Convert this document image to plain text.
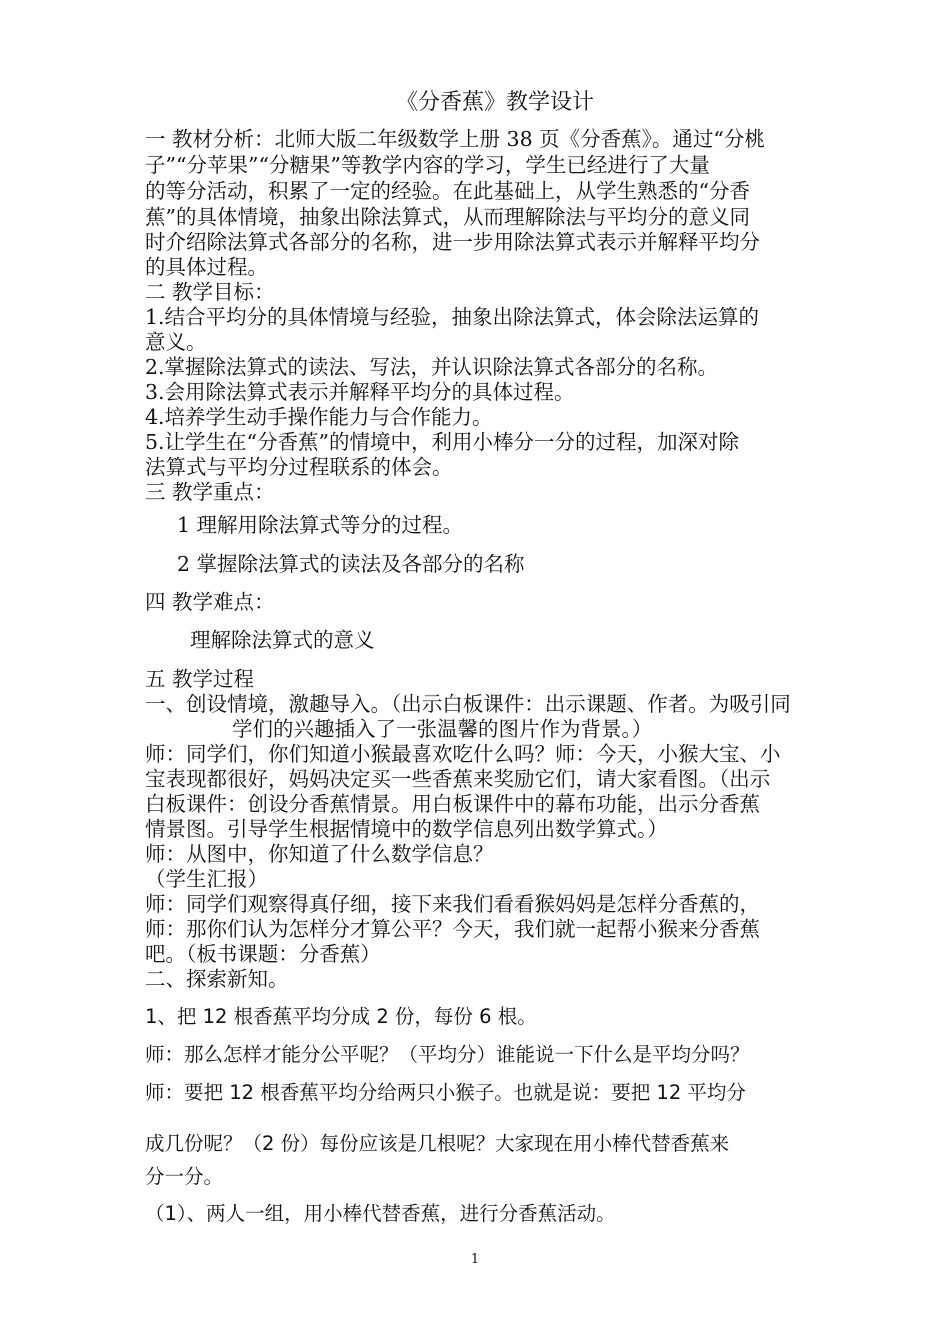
《分香蕉》教学设计
一 教材分析：北师大版二年级数学上册 38 页《分香蕉》。通过“分桃
子”“分苹果”“分糖果”等教学内容的学习，学生已经进行了大量
的等分活动，积累了一定的经验。在此基础上，从学生熟悉的“分香
蕉”的具体情境，抽象出除法算式，从而理解除法与平均分的意义同
时介绍除法算式各部分的名称，进一步用除法算式表示并解释平均分
的具体过程。
二 教学目标：
1.结合平均分的具体情境与经验，抽象出除法算式，体会除法运算的
意义。
2.掌握除法算式的读法、写法，并认识除法算式各部分的名称。
3.会用除法算式表示并解释平均分的具体过程。
4.培养学生动手操作能力与合作能力。
5.让学生在“分香蕉”的情境中，利用小棒分一分的过程，加深对除
法算式与平均分过程联系的体会。
三 教学重点：
1 理解用除法算式等分的过程。
2 掌握除法算式的读法及各部分的名称
四 教学难点：
理解除法算式的意义
五 教学过程
一、创设情境，激趣导入。（出示白板课件：出示课题、作者。为吸引同
学们的兴趣插入了一张温馨的图片作为背景。）
师：同学们，你们知道小猴最喜欢吃什么吗？师：今天，小猴大宝、小
宝表现都很好，妈妈决定买一些香蕉来奖励它们，请大家看图。（出示
白板课件：创设分香蕉情景。用白板课件中的幕布功能，出示分香蕉
情景图。引导学生根据情境中的数学信息列出数学算式。）
师：从图中，你知道了什么数学信息？
（学生汇报）
师：同学们观察得真仔细，接下来我们看看猴妈妈是怎样分香蕉的，
师：那你们认为怎样分才算公平？今天，我们就一起帮小猴来分香蕉
吧。（板书课题：分香蕉）
二、探索新知。
1、把 12 根香蕉平均分成 2 份，每份 6 根。
师：那么怎样才能分公平呢？（平均分）谁能说一下什么是平均分吗？
师：要把 12 根香蕉平均分给两只小猴子。也就是说：要把 12 平均分
成几份呢？（2 份）每份应该是几根呢？大家现在用小棒代替香蕉来
分一分。
（1）、两人一组，用小棒代替香蕉，进行分香蕉活动。
1
